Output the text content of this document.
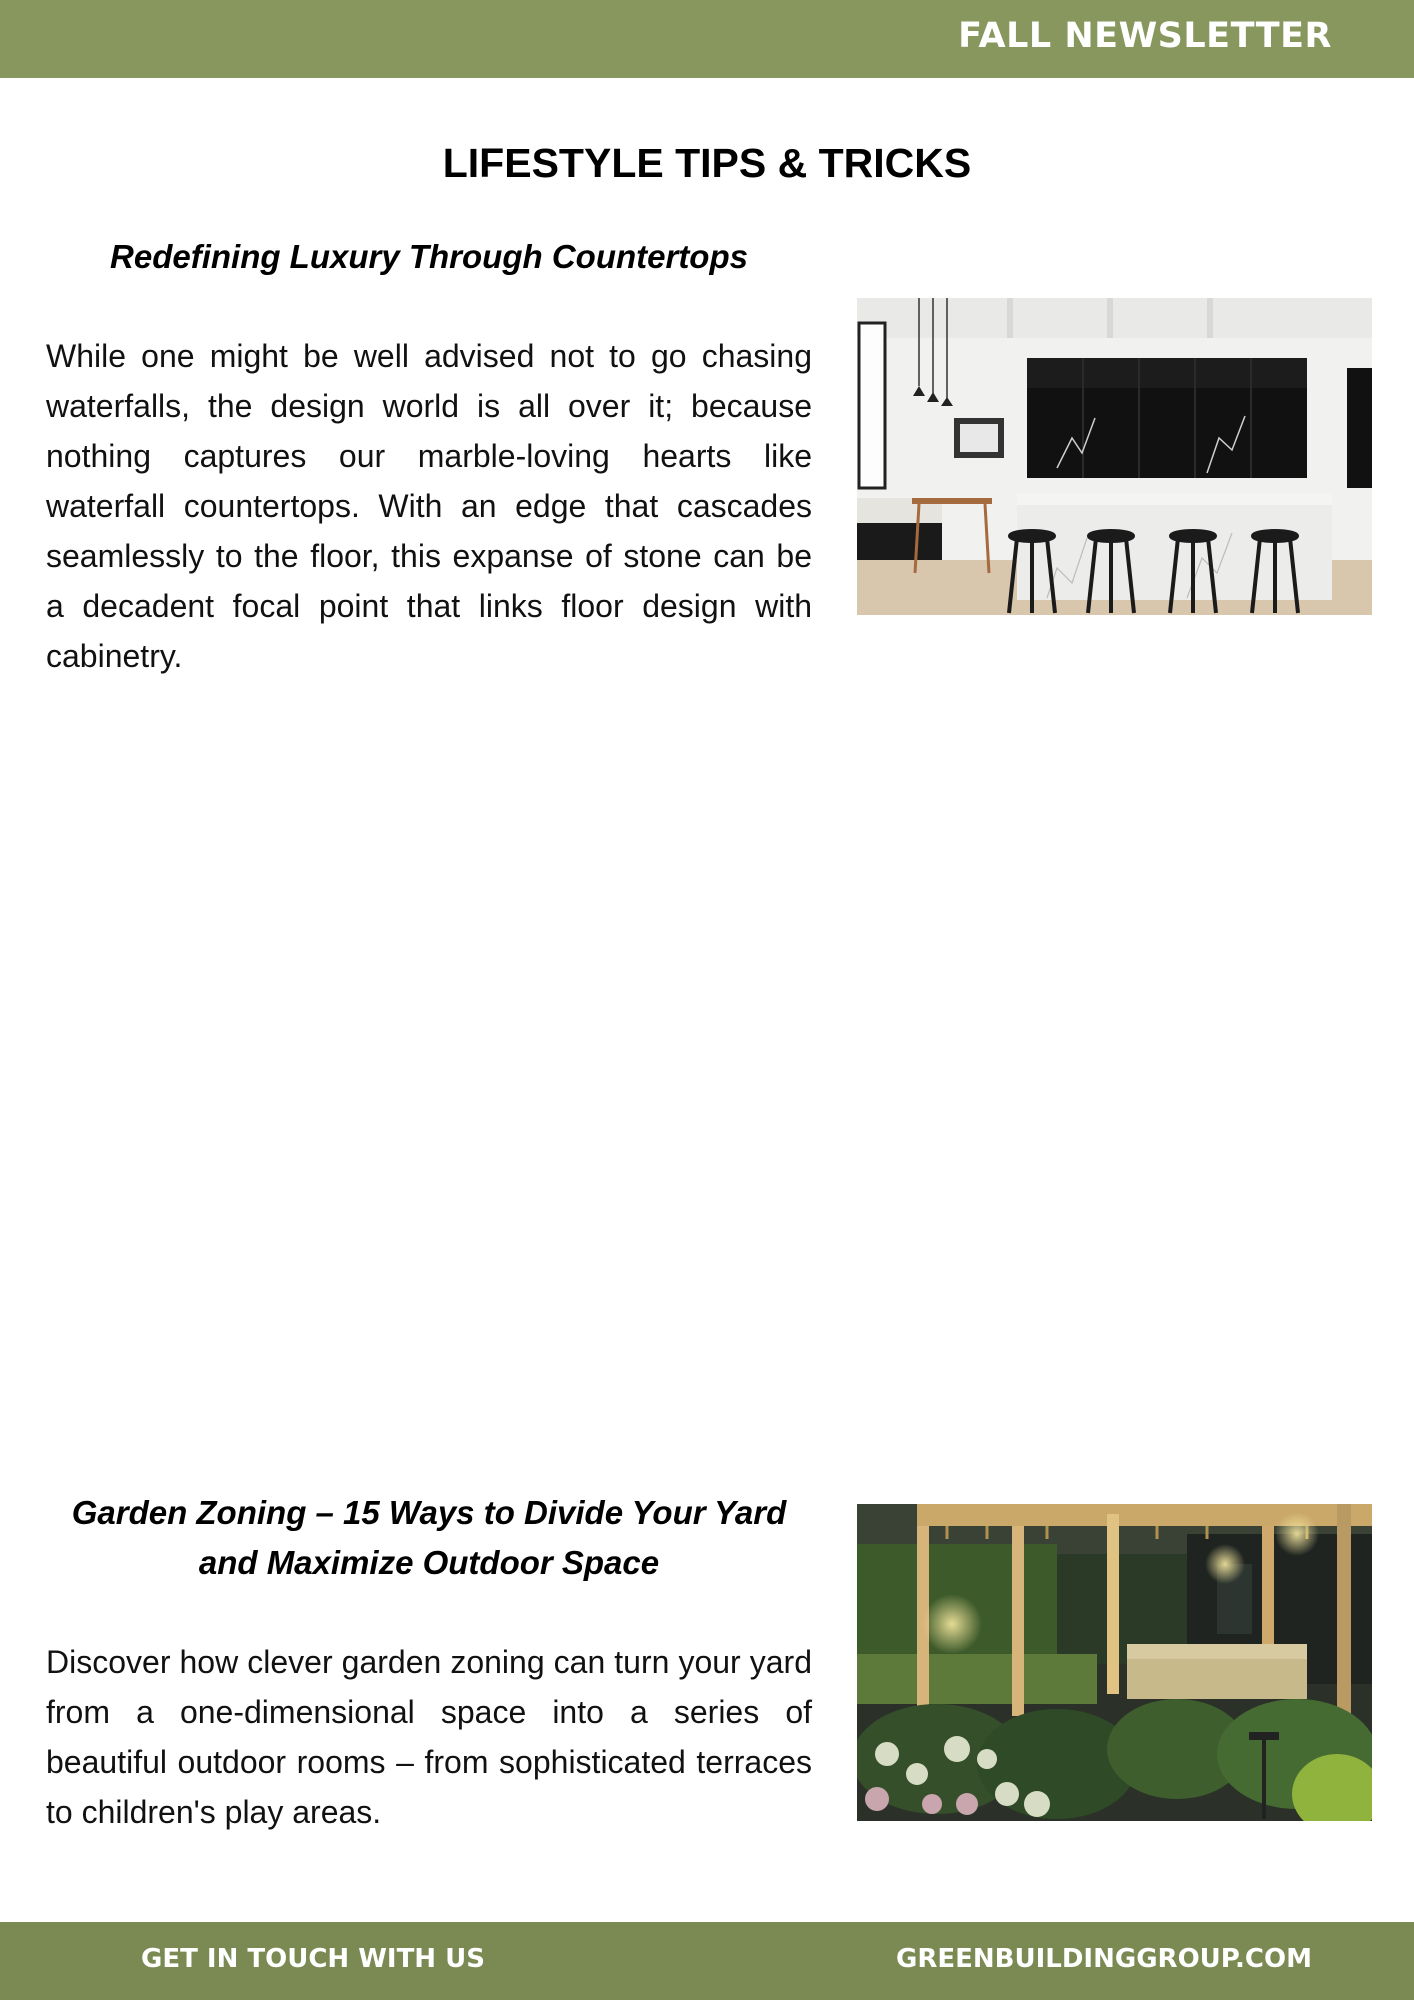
FALL NEWSLETTER
LIFESTYLE TIPS & TRICKS
Redefining Luxury Through Countertops

While one might be well advised not to go chasing waterfalls, the design world is all over it; because nothing captures our marble-loving hearts like waterfall countertops. With an edge that cascades seamlessly to the floor, this expanse of stone can be a decadent focal point that links floor design with cabinetry.

Garden Zoning – 15 Ways to Divide Your Yard and Maximize Outdoor Space

Discover how clever garden zoning can turn your yard from a one-dimensional space into a series of beautiful outdoor rooms – from sophisticated terraces to children's play areas.

GET IN TOUCH WITH US	GREENBUILDINGGROUP.COM
